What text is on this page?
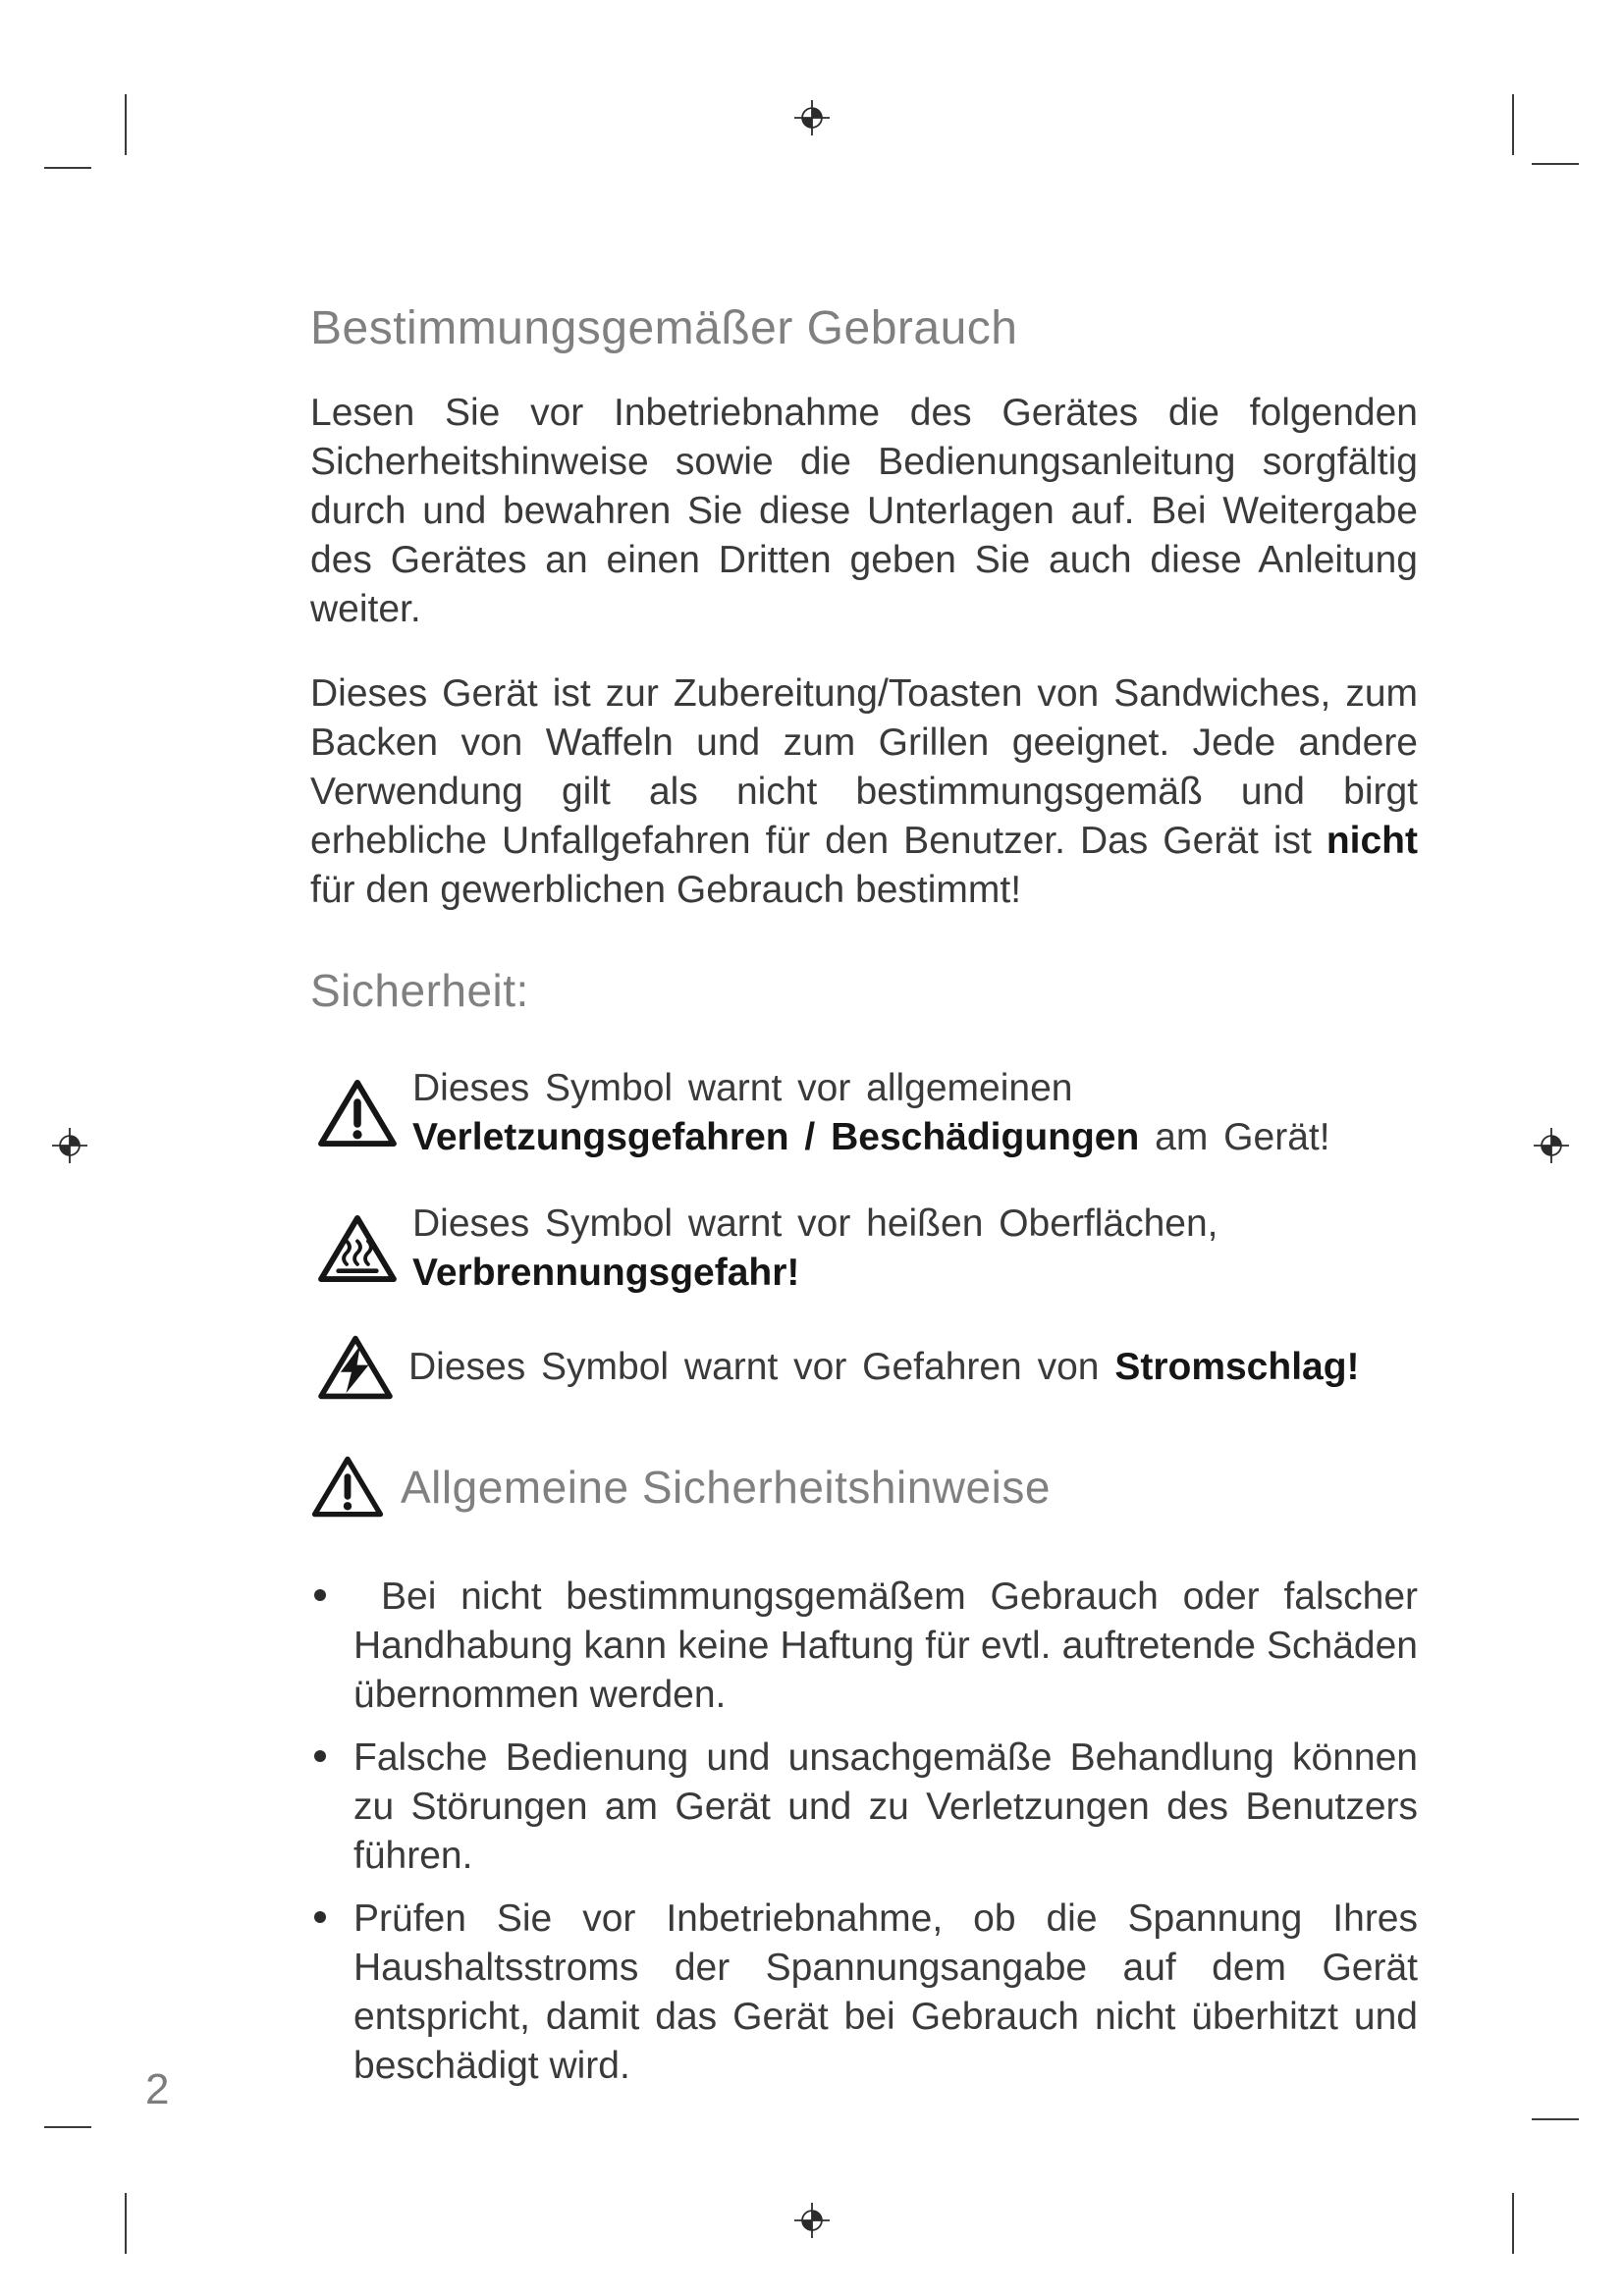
Bestimmungsgemäßer Gebrauch

Lesen Sie vor Inbetriebnahme des Gerätes die folgenden Sicherheitshinweise sowie die Bedienungsanleitung sorgfältig durch und bewahren Sie diese Unterlagen auf. Bei Weitergabe des Gerätes an einen Dritten geben Sie auch diese Anleitung weiter.

Dieses Gerät ist zur Zubereitung/Toasten von Sandwiches, zum Backen von Waffeln und zum Grillen geeignet. Jede andere Verwendung gilt als nicht bestimmungsgemäß und birgt erhebliche Unfallgefahren für den Benutzer. Das Gerät ist nicht für den gewerblichen Gebrauch bestimmt!

Sicherheit:
Dieses Symbol warnt vor allgemeinen Verletzungsgefahren / Beschädigungen am Gerät!
Dieses Symbol warnt vor heißen Oberflächen, Verbrennungsgefahr!
Dieses Symbol warnt vor Gefahren von Stromschlag!
Allgemeine Sicherheitshinweise
Bei nicht bestimmungsgemäßem Gebrauch oder falscher Handhabung kann keine Haftung für evtl. auftretende Schäden übernommen werden.
Falsche Bedienung und unsachgemäße Behandlung können zu Störungen am Gerät und zu Verletzungen des Benutzers führen.
Prüfen Sie vor Inbetriebnahme, ob die Spannung Ihres Haushaltsstroms der Spannungsangabe auf dem Gerät entspricht, damit das Gerät bei Gebrauch nicht überhitzt und beschädigt wird.
2
